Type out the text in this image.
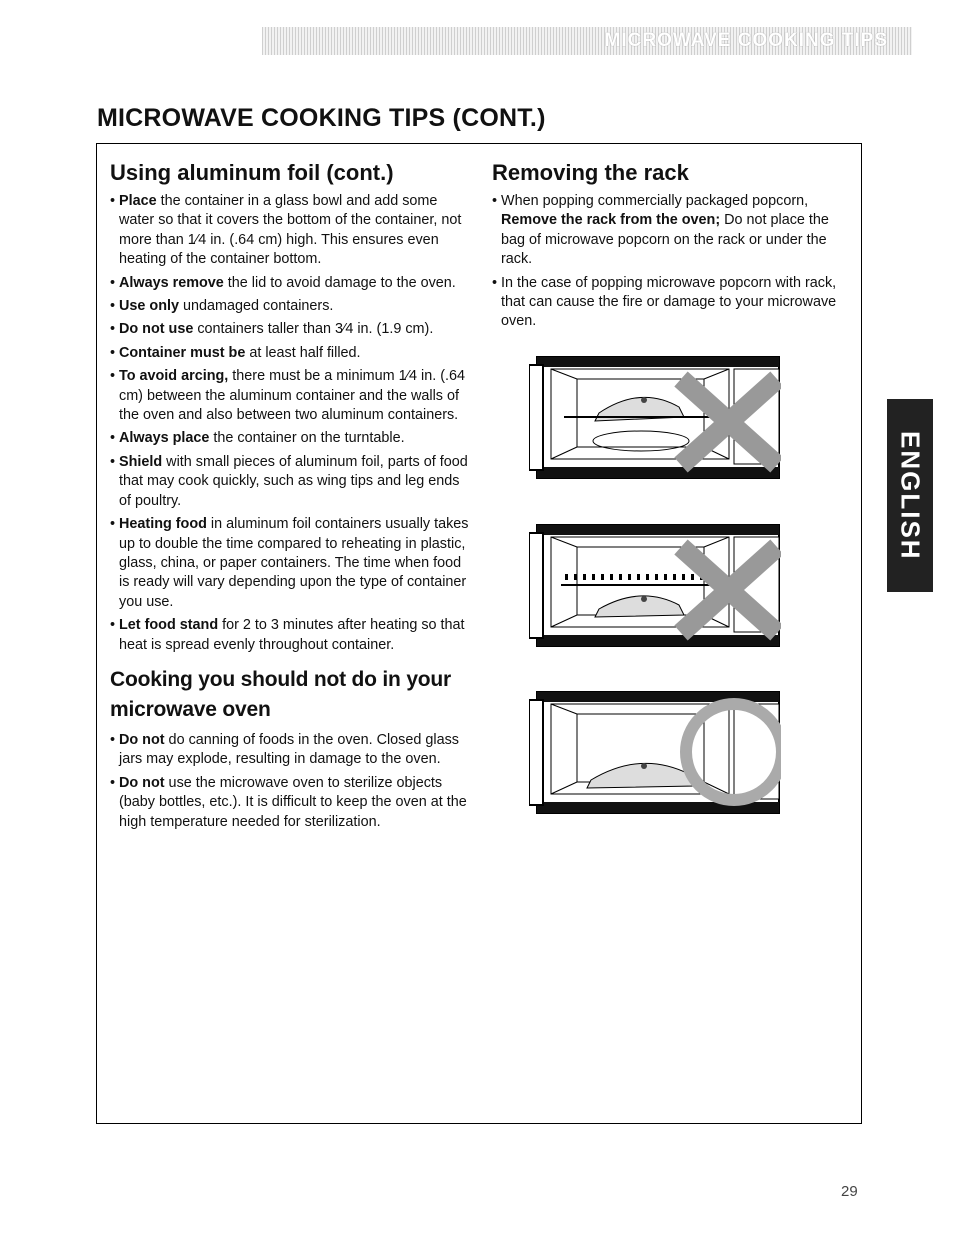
MICROWAVE COOKING TIPS
MICROWAVE COOKING TIPS (CONT.)
Using aluminum foil (cont.)
• Place the container in a glass bowl and add some water so that it covers the bottom of the container, not more than 1⁄4 in. (.64 cm) high. This ensures even heating of the container bottom.
• Always remove the lid to avoid damage to the oven.
• Use only undamaged containers.
• Do not use containers taller than 3⁄4 in. (1.9 cm).
• Container must be at least half filled.
• To avoid arcing, there must be a minimum 1⁄4 in. (.64 cm) between the aluminum container and the walls of the oven and also between two aluminum containers.
• Always place the container on the turntable.
• Shield with small pieces of aluminum foil, parts of food that may cook quickly, such as wing tips and leg ends of poultry.
• Heating food in aluminum foil containers usually takes up to double the time compared to reheating in plastic, glass, china, or paper containers. The time when food is ready will vary depending upon the type of container you use.
• Let food stand for 2 to 3 minutes after heating so that heat is spread evenly throughout container.
Cooking you should not do in your microwave oven
• Do not do canning of foods in the oven. Closed glass jars may explode, resulting in damage to the oven.
• Do not use the microwave oven to sterilize objects (baby bottles, etc.). It is difficult to keep the oven at the high temperature needed for sterilization.
Removing the rack
• When popping commercially packaged popcorn, Remove the rack from the oven; Do not place the bag of microwave popcorn on the rack or under the rack.
• In the case of popping microwave popcorn with rack, that can cause the fire or damage to your microwave oven.
ENGLISH
29
